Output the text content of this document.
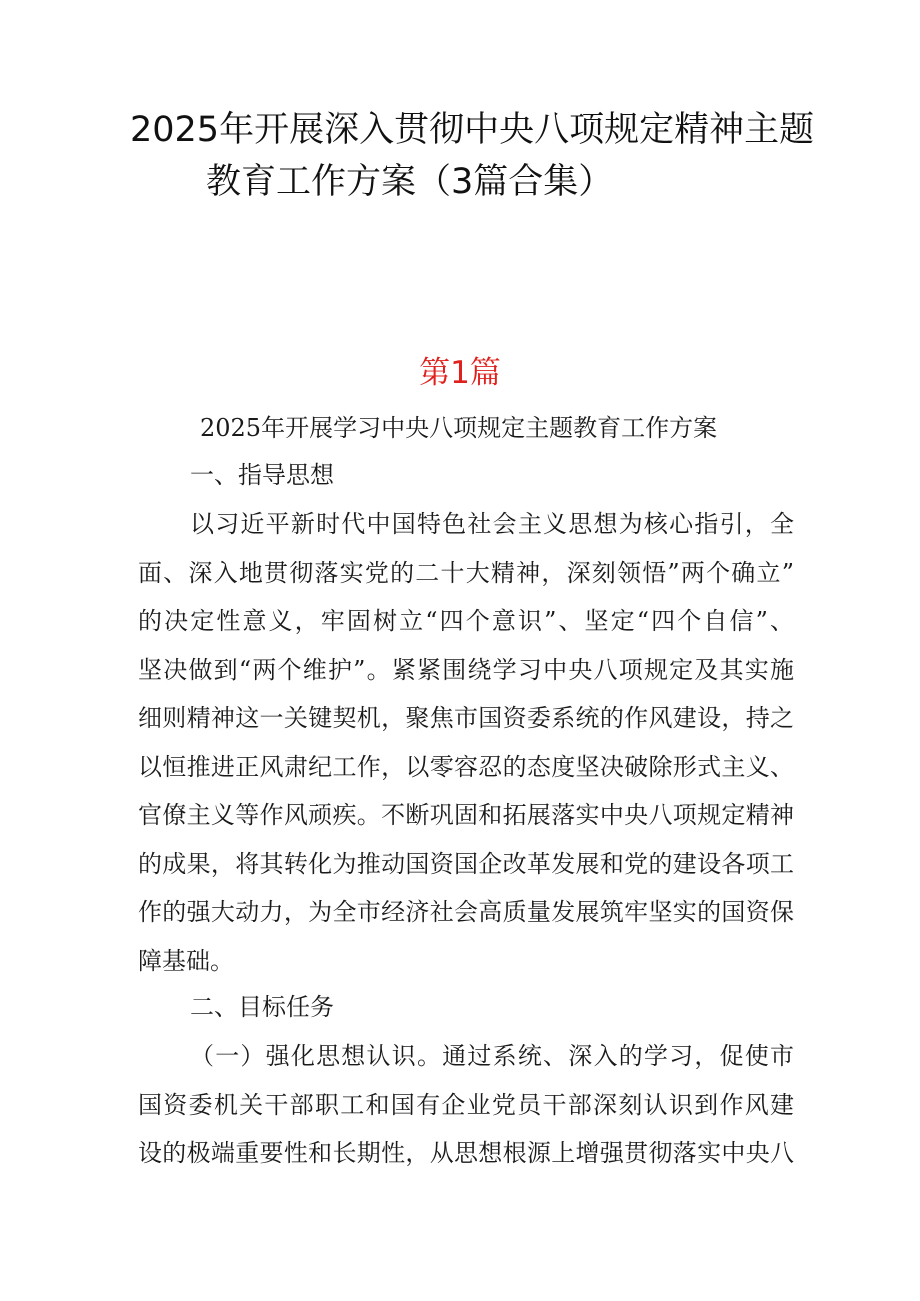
2025年开展深入贯彻中央八项规定精神主题
教育工作方案（3篇合集）
第1篇
2025年开展学习中央八项规定主题教育工作方案
一、指导思想

以习近平新时代中国特色社会主义思想为核心指引，全
面、深入地贯彻落实党的二十大精神，深刻领悟”两个确立”
的决定性意义，牢固树立“四个意识”、坚定“四个自信”、
坚决做到“两个维护”。紧紧围绕学习中央八项规定及其实施
细则精神这一关键契机，聚焦市国资委系统的作风建设，持之
以恒推进正风肃纪工作，以零容忍的态度坚决破除形式主义、
官僚主义等作风顽疾。不断巩固和拓展落实中央八项规定精神
的成果，将其转化为推动国资国企改革发展和党的建设各项工
作的强大动力，为全市经济社会高质量发展筑牢坚实的国资保
障基础。

二、目标任务

（一）强化思想认识。通过系统、深入的学习，促使市
国资委机关干部职工和国有企业党员干部深刻认识到作风建
设的极端重要性和长期性，从思想根源上增强贯彻落实中央八
